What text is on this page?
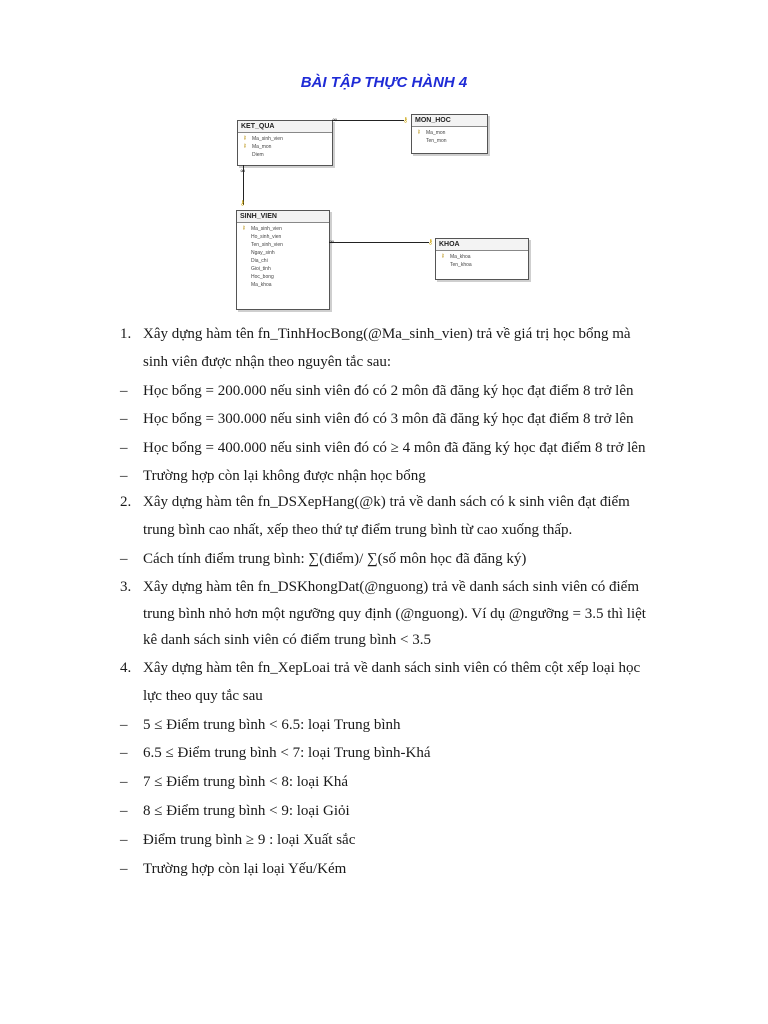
BÀI TẬP THỰC HÀNH 4
KET_QUA
⚷	Ma_sinh_vien
⚷	Ma_mon
Diem
MON_HOC
⚷	Ma_mon
Ten_mon
SINH_VIEN
⚷	Ma_sinh_vien
Ho_sinh_vien
Ten_sinh_vien
Ngay_sinh
Dia_chi
Gioi_tinh
Hoc_bong
Ma_khoa
KHOA
⚷	Ma_khoa
Ten_khoa
∞	⚷
∞
⚷
∞	⚷
1. Xây dựng hàm tên fn_TinhHocBong(@Ma_sinh_vien) trả về giá trị học bổng mà
sinh viên được nhận theo nguyên tắc sau:
– Học bổng = 200.000 nếu sinh viên đó có 2 môn đã đăng ký học đạt điểm 8 trở lên
– Học bổng = 300.000 nếu sinh viên đó có 3 môn đã đăng ký học đạt điểm 8 trở lên
– Học bổng = 400.000 nếu sinh viên đó có ≥ 4 môn đã đăng ký học đạt điểm 8 trở lên
– Trường hợp còn lại không được nhận học bổng
2. Xây dựng hàm tên fn_DSXepHang(@k) trả về danh sách có k sinh viên đạt điểm
trung bình cao nhất, xếp theo thứ tự điểm trung bình từ cao xuống thấp.
– Cách tính điểm trung bình: ∑(điểm)/ ∑(số môn học đã đăng ký)
3. Xây dựng hàm tên fn_DSKhongDat(@nguong) trả về danh sách sinh viên có điểm
trung bình nhỏ hơn một ngưỡng quy định (@nguong). Ví dụ @ngưỡng = 3.5 thì liệt
kê danh sách sinh viên có điểm trung bình < 3.5
4. Xây dựng hàm tên fn_XepLoai trả về danh sách sinh viên có thêm cột xếp loại học
lực theo quy tắc sau
– 5 ≤ Điểm trung bình < 6.5: loại Trung bình
– 6.5 ≤ Điểm trung bình < 7: loại Trung bình-Khá
– 7 ≤ Điểm trung bình < 8: loại Khá
– 8 ≤ Điểm trung bình < 9: loại Giỏi
– Điểm trung bình ≥ 9 : loại Xuất sắc
– Trường hợp còn lại loại Yếu/Kém
